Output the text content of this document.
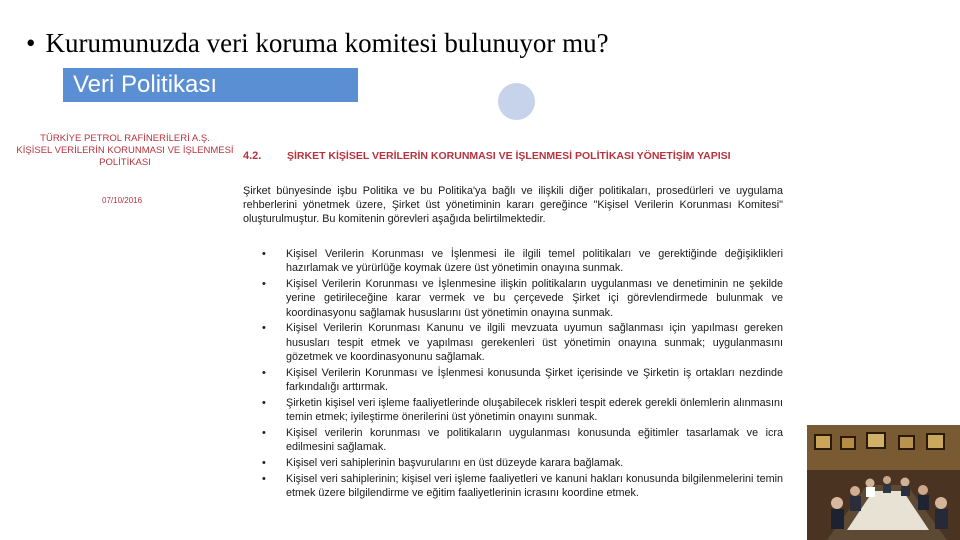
• Kurumunuzda veri koruma komitesi bulunuyor mu?
Veri Politikası
TÜRKİYE PETROL RAFİNERİLERİ A.Ş.
KİŞİSEL VERİLERİN KORUNMASI VE İŞLENMESİ POLİTİKASI
07/10/2016
4.2. ŞİRKET KİŞİSEL VERİLERİN KORUNMASI VE İŞLENMESİ POLİTİKASI YÖNETİŞİM YAPISI
Şirket bünyesinde işbu Politika ve bu Politika'ya bağlı ve ilişkili diğer politikaları, prosedürleri ve uygulama rehberlerini yönetmek üzere, Şirket üst yönetiminin kararı gereğince "Kişisel Verilerin Korunması Komitesi" oluşturulmuştur. Bu komitenin görevleri aşağıda belirtilmektedir.
• Kişisel Verilerin Korunması ve İşlenmesi ile ilgili temel politikaları ve gerektiğinde değişiklikleri hazırlamak ve yürürlüğe koymak üzere üst yönetimin onayına sunmak.
• Kişisel Verilerin Korunması ve İşlenmesine ilişkin politikaların uygulanması ve denetiminin ne şekilde yerine getirileceğine karar vermek ve bu çerçevede Şirket içi görevlendirmede bulunmak ve koordinasyonu sağlamak hususlarını üst yönetimin onayına sunmak.
• Kişisel Verilerin Korunması Kanunu ve ilgili mevzuata uyumun sağlanması için yapılması gereken hususları tespit etmek ve yapılması gerekenleri üst yönetimin onayına sunmak; uygulanmasını gözetmek ve koordinasyonunu sağlamak.
• Kişisel Verilerin Korunması ve İşlenmesi konusunda Şirket içerisinde ve Şirketin iş ortakları nezdinde farkındalığı arttırmak.
• Şirketin kişisel veri işleme faaliyetlerinde oluşabilecek riskleri tespit ederek gerekli önlemlerin alınmasını temin etmek; iyileştirme önerilerini üst yönetimin onayını sunmak.
• Kişisel verilerin korunması ve politikaların uygulanması konusunda eğitimler tasarlamak ve icra edilmesini sağlamak.
• Kişisel veri sahiplerinin başvurularını en üst düzeyde karara bağlamak.
• Kişisel veri sahiplerinin; kişisel veri işleme faaliyetleri ve kanuni hakları konusunda bilgilenmelerini temin etmek üzere bilgilendirme ve eğitim faaliyetlerinin icrasını koordine etmek.
